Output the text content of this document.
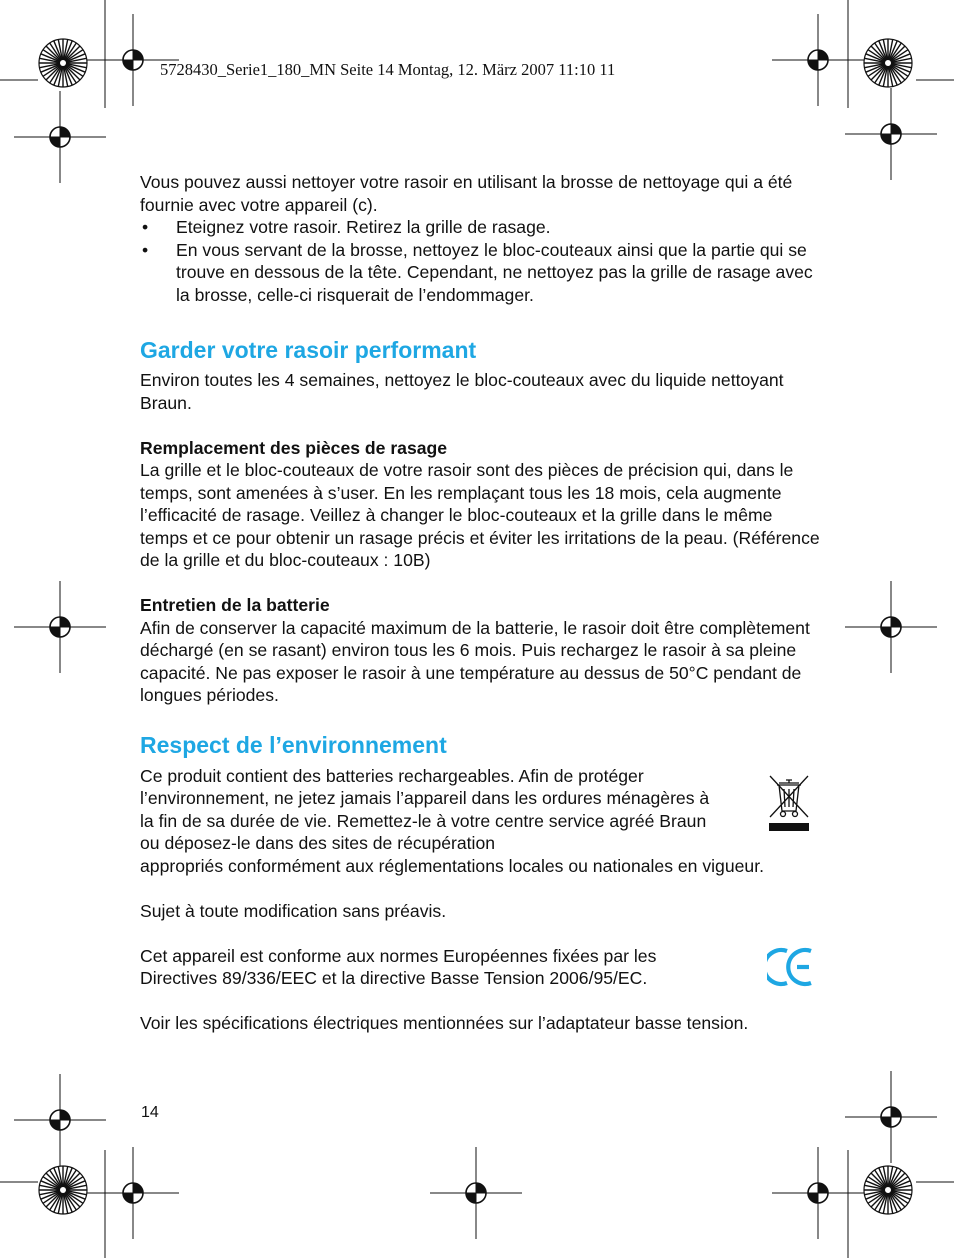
5728430_Serie1_180_MN Seite 14 Montag, 12. März 2007 11:10 11

Vous pouvez aussi nettoyer votre rasoir en utilisant la brosse de nettoyage qui a été fournie avec votre appareil (c).

• Eteignez votre rasoir. Retirez la grille de rasage.
• En vous servant de la brosse, nettoyez le bloc-couteaux ainsi que la partie qui se trouve en dessous de la tête. Cependant, ne nettoyez pas la grille de rasage avec la brosse, celle-ci risquerait de l’endommager.
Garder votre rasoir performant

Environ toutes les 4 semaines, nettoyez le bloc-couteaux avec du liquide nettoyant Braun.

Remplacement des pièces de rasage

La grille et le bloc-couteaux de votre rasoir sont des pièces de précision qui, dans le temps, sont amenées à s’user. En les remplaçant tous les 18 mois, cela augmente l’efficacité de rasage. Veillez à changer le bloc-couteaux et la grille dans le même temps et ce pour obtenir un rasage précis et éviter les irritations de la peau. (Référence de la grille et du bloc-couteaux : 10B)

Entretien de la batterie

Afin de conserver la capacité maximum de la batterie, le rasoir doit être complètement déchargé (en se rasant) environ tous les 6 mois. Puis rechargez le rasoir à sa pleine capacité. Ne pas exposer le rasoir à une température au dessus de 50°C pendant de longues périodes.

Respect de l’environnement

Ce produit contient des batteries rechargeables. Afin de protéger l’environnement, ne jetez jamais l’appareil dans les ordures ménagères à la fin de sa durée de vie. Remettez-le à votre centre service agréé Braun ou déposez-le dans des sites de récupération

appropriés conformément aux réglementations locales ou nationales en vigueur.

Sujet à toute modification sans préavis.

Cet appareil est conforme aux normes Européennes fixées par les Directives 89/336/EEC et la directive Basse Tension 2006/95/EC.

Voir les spécifications électriques mentionnées sur l’adaptateur basse tension.

14
